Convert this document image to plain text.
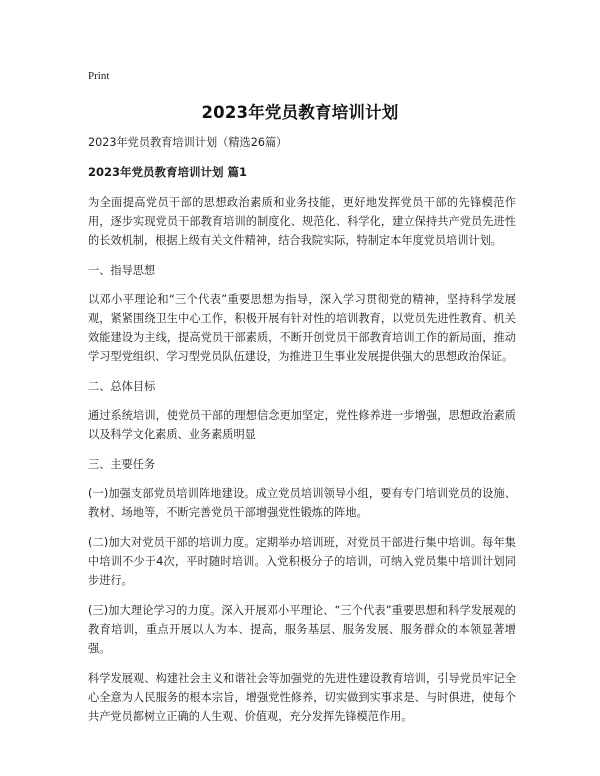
Print
2023年党员教育培训计划

2023年党员教育培训计划（精选26篇）

2023年党员教育培训计划 篇1

为全面提高党员干部的思想政治素质和业务技能，更好地发挥党员干部的先锋模范作用，逐步实现党员干部教育培训的制度化、规范化、科学化，建立保持共产党员先进性的长效机制，根据上级有关文件精神，结合我院实际，特制定本年度党员培训计划。

一、指导思想

以邓小平理论和“三个代表”重要思想为指导，深入学习贯彻党的精神，坚持科学发展观，紧紧围绕卫生中心工作，积极开展有针对性的培训教育，以党员先进性教育、机关效能建设为主线，提高党员干部素质，不断开创党员干部教育培训工作的新局面，推动学习型党组织、学习型党员队伍建设，为推进卫生事业发展提供强大的思想政治保证。

二、总体目标

通过系统培训，使党员干部的理想信念更加坚定，党性修养进一步增强，思想政治素质以及科学文化素质、业务素质明显

三、主要任务

(一)加强支部党员培训阵地建设。成立党员培训领导小组，要有专门培训党员的设施、教材、场地等，不断完善党员干部增强党性锻炼的阵地。

(二)加大对党员干部的培训力度。定期举办培训班，对党员干部进行集中培训。每年集中培训不少于4次，平时随时培训。入党积极分子的培训，可纳入党员集中培训计划同步进行。

(三)加大理论学习的力度。深入开展邓小平理论、“三个代表”重要思想和科学发展观的教育培训，重点开展以人为本、提高，服务基层、服务发展、服务群众的本领显著增强。

科学发展观、构建社会主义和谐社会等加强党的先进性建设教育培训，引导党员牢记全心全意为人民服务的根本宗旨，增强党性修养，切实做到实事求是、与时俱进，使每个共产党员都树立正确的人生观、价值观，充分发挥先锋模范作用。
